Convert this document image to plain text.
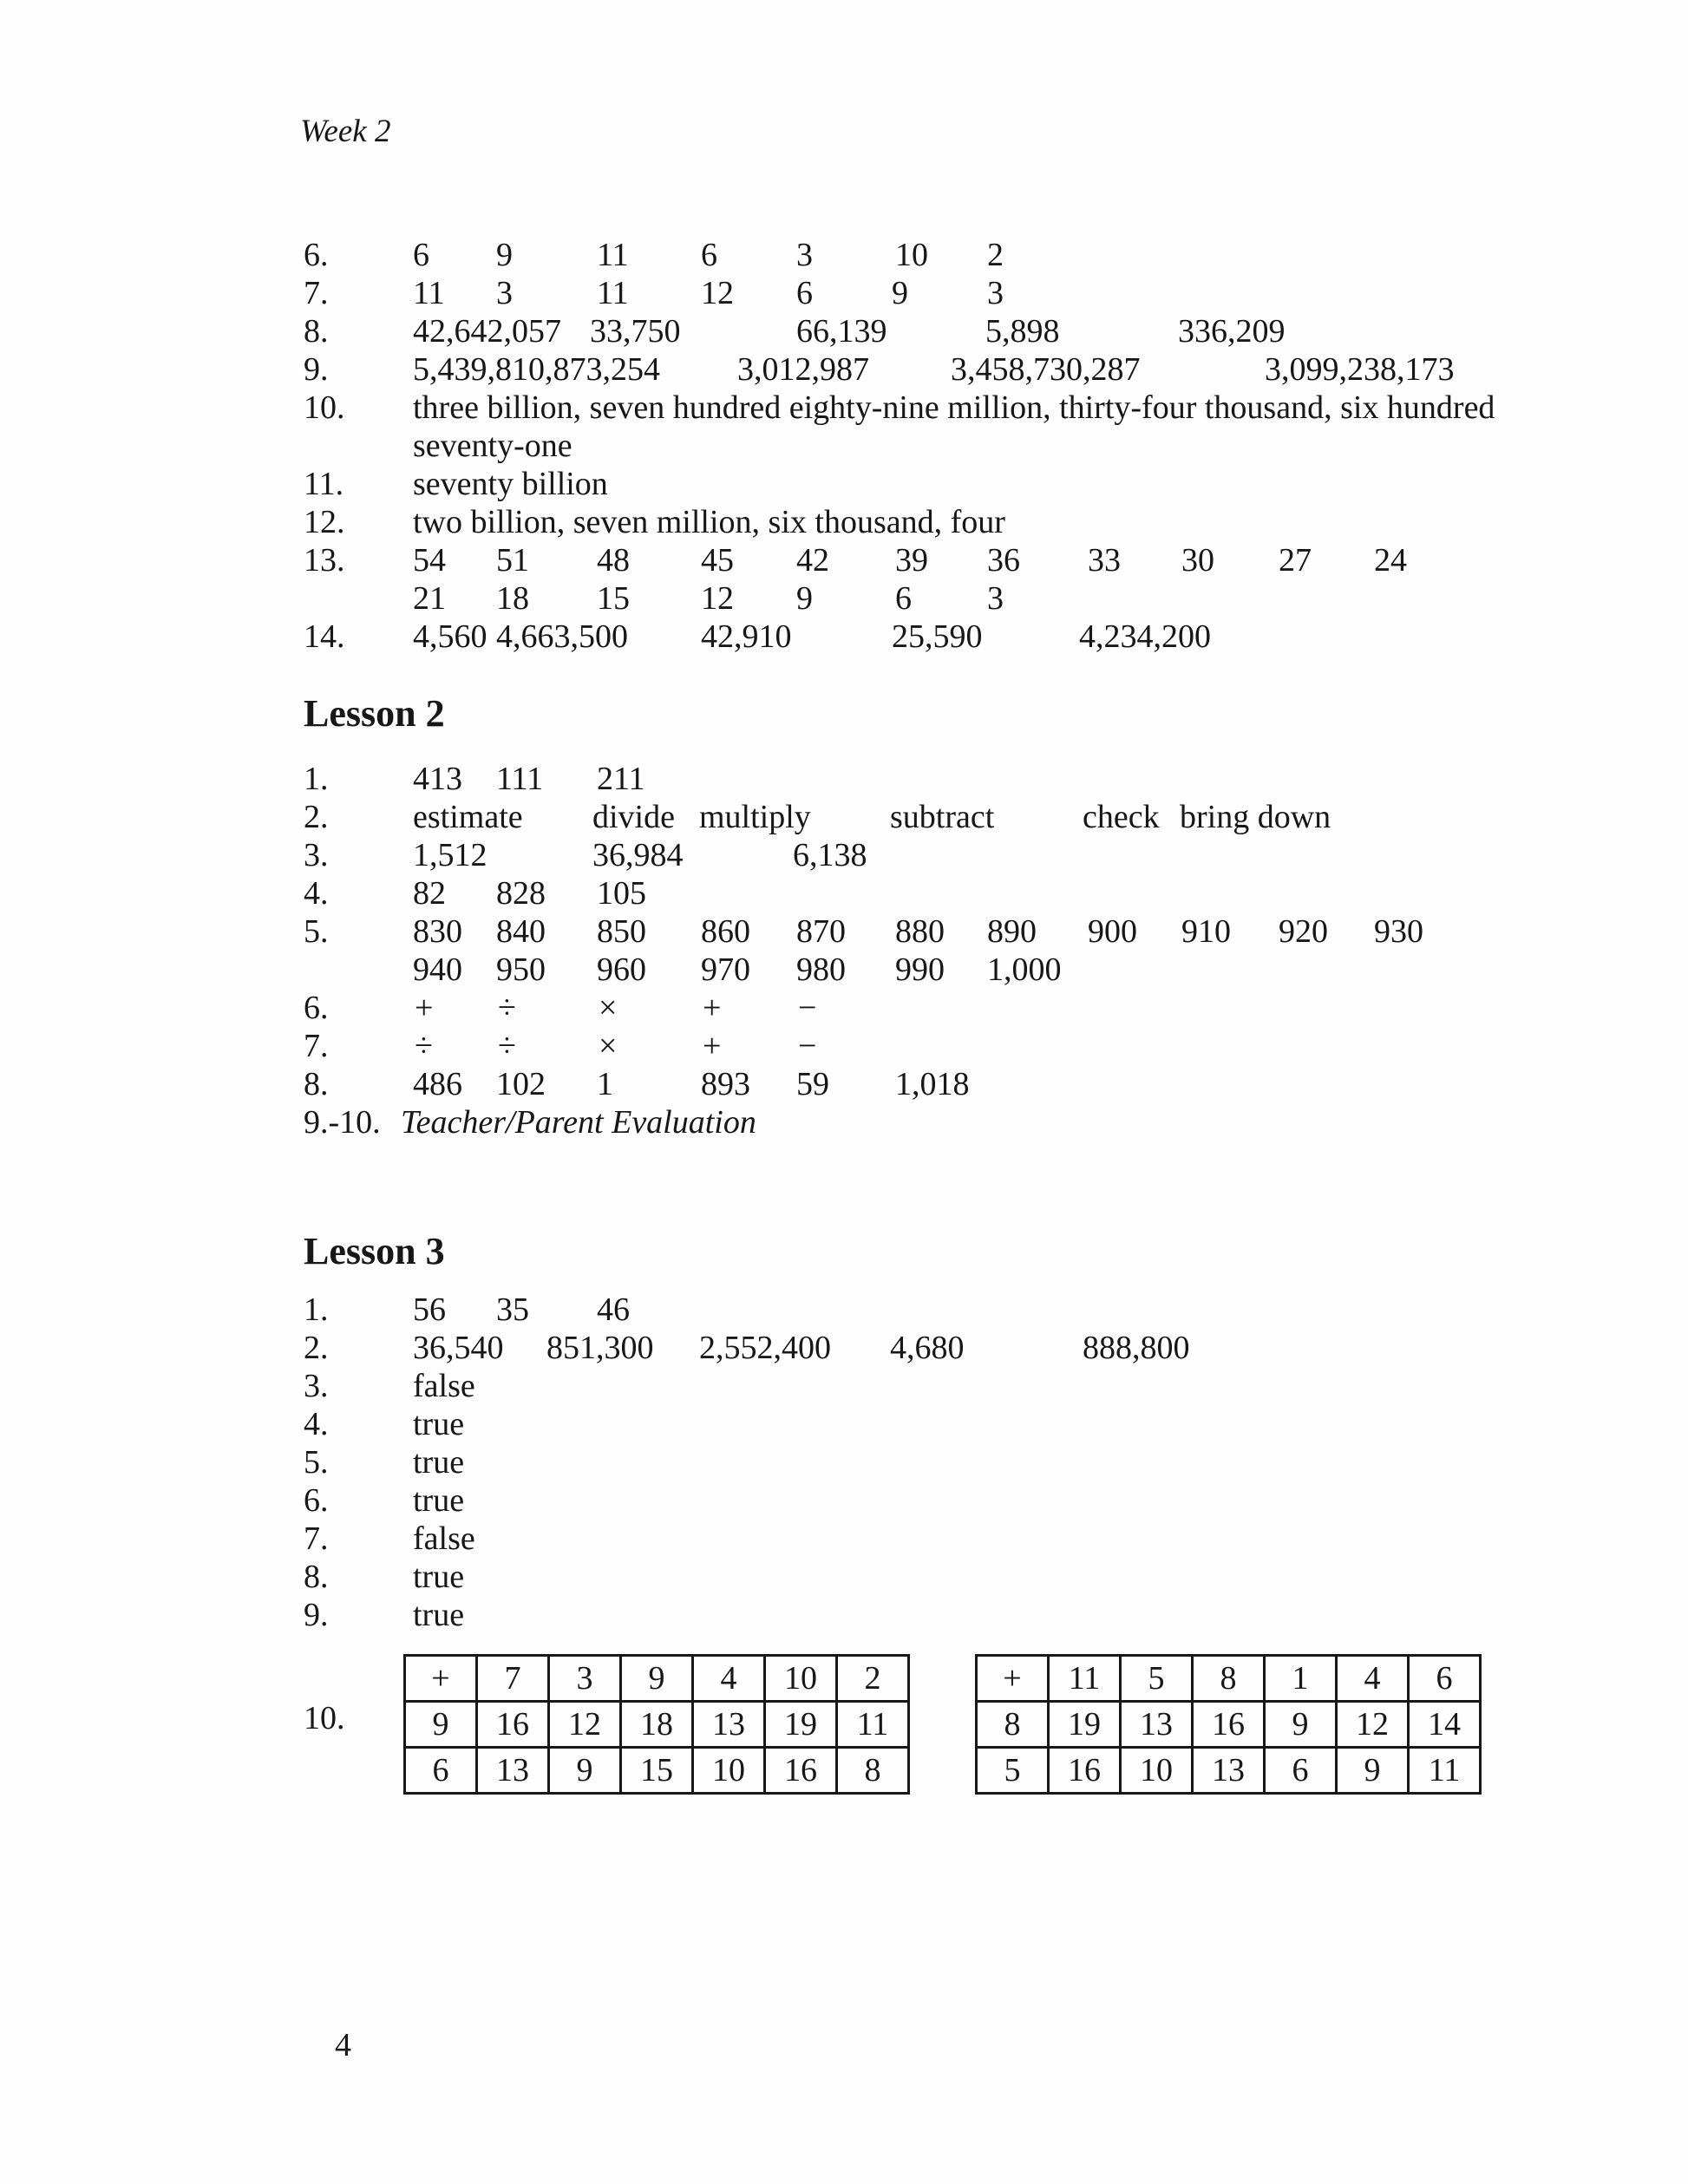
Week 2
6.	6 9	11 6 3	10 2
7.	11 3	11 12 6 9 3
8.	42,642,057 33,750	66,139	5,898	336,209
9.	5,439,810,873,254 3,012,987 3,458,730,287	3,099,238,173
10. three billion, seven hundred eighty-nine million, thirty-four thousand, six hundred
seventy-one
11. seventy billion
12. two billion, seven million, six thousand, four
13. 54 51 48 45 42 39 36 33 30 27 24
21 18 15 12 9	6 3
14. 4,560 4,663,500 42,910	25,590	4,234,200
Lesson 2
1.	413 111 211
2.	estimate divide multiply subtract	check bring down
3.	1,512	36,984	6,138
4.	82 828 105
5.	830 840 850 860 870 880 890 900 910 920 930
940 950 960 970 980 990 1,000
6.	+ ÷	×	+ −
7.	÷ ÷	×	+ −
8.	486 102 1	893 59 1,018
9.-10. Teacher/Parent Evaluation
Lesson 3
1.	56 35 46
2.	36,540 851,300 2,552,400 4,680	888,800
3.	false
4.	true
5.	true
6.	true
7.	false
8.	true
9.	true
10.
+	7	3	9	4	10	2
9	16	12	18	13	19	11
6	13	9	15	10	16	8
+	11	5	8	1	4	6
8	19	13	16	9	12	14
5	16	10	13	6	9	11
4
